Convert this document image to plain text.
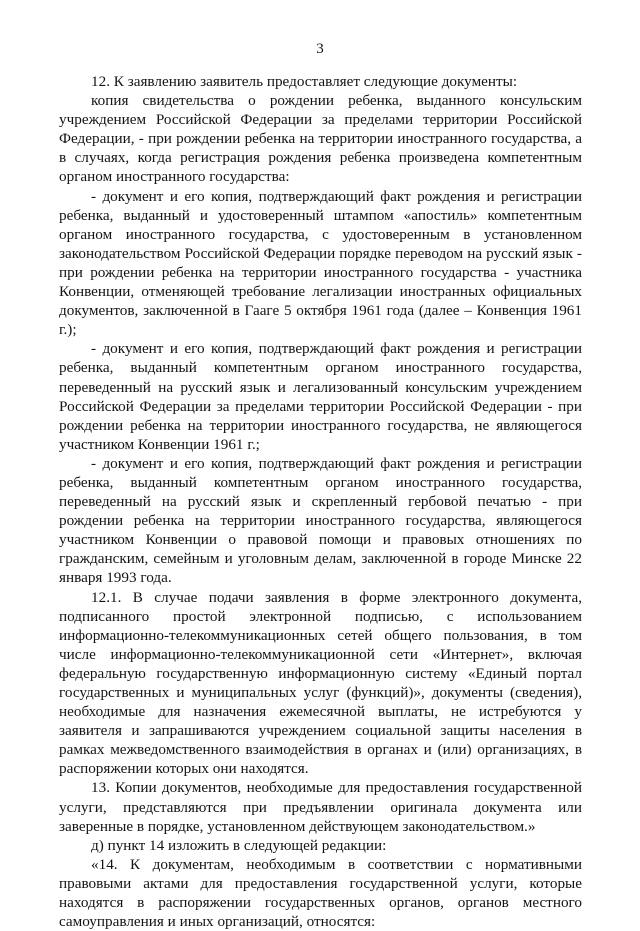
3

12. К заявлению заявитель предоставляет следующие документы:

копия свидетельства о рождении ребенка, выданного консульским учреждением Российской Федерации за пределами территории Российской Федерации, - при рождении ребенка на территории иностранного государства, а в случаях, когда регистрация рождения ребенка произведена компетентным органом иностранного государства:

- документ и его копия, подтверждающий факт рождения и регистрации ребенка, выданный и удостоверенный штампом «апостиль» компетентным органом иностранного государства, с удостоверенным в установленном законодательством Российской Федерации порядке переводом на русский язык - при рождении ребенка на территории иностранного государства - участника Конвенции, отменяющей требование легализации иностранных официальных документов, заключенной в Гааге 5 октября 1961 года (далее – Конвенция 1961 г.);

- документ и его копия, подтверждающий факт рождения и регистрации ребенка, выданный компетентным органом иностранного государства, переведенный на русский язык и легализованный консульским учреждением Российской Федерации за пределами территории Российской Федерации - при рождении ребенка на территории иностранного государства, не являющегося участником Конвенции 1961 г.;

- документ и его копия, подтверждающий факт рождения и регистрации ребенка, выданный компетентным органом иностранного государства, переведенный на русский язык и скрепленный гербовой печатью - при рождении ребенка на территории иностранного государства, являющегося участником Конвенции о правовой помощи и правовых отношениях по гражданским, семейным и уголовным делам, заключенной в городе Минске 22 января 1993 года.

12.1. В случае подачи заявления в форме электронного документа, подписанного простой электронной подписью, с использованием информационно-телекоммуникационных сетей общего пользования, в том числе информационно-телекоммуникационной сети «Интернет», включая федеральную государственную информационную систему «Единый портал государственных и муниципальных услуг (функций)», документы (сведения), необходимые для назначения ежемесячной выплаты, не истребуются у заявителя и запрашиваются учреждением социальной защиты населения в рамках межведомственного взаимодействия в органах и (или) организациях, в распоряжении которых они находятся.

13. Копии документов, необходимые для предоставления государственной услуги, представляются при предъявлении оригинала документа или заверенные в порядке, установленном действующем законодательством.»

д) пункт 14 изложить в следующей редакции:

«14. К документам, необходимым в соответствии с нормативными правовыми актами для предоставления государственной услуги, которые находятся в распоряжении государственных органов, органов местного самоуправления и иных организаций, относятся:
